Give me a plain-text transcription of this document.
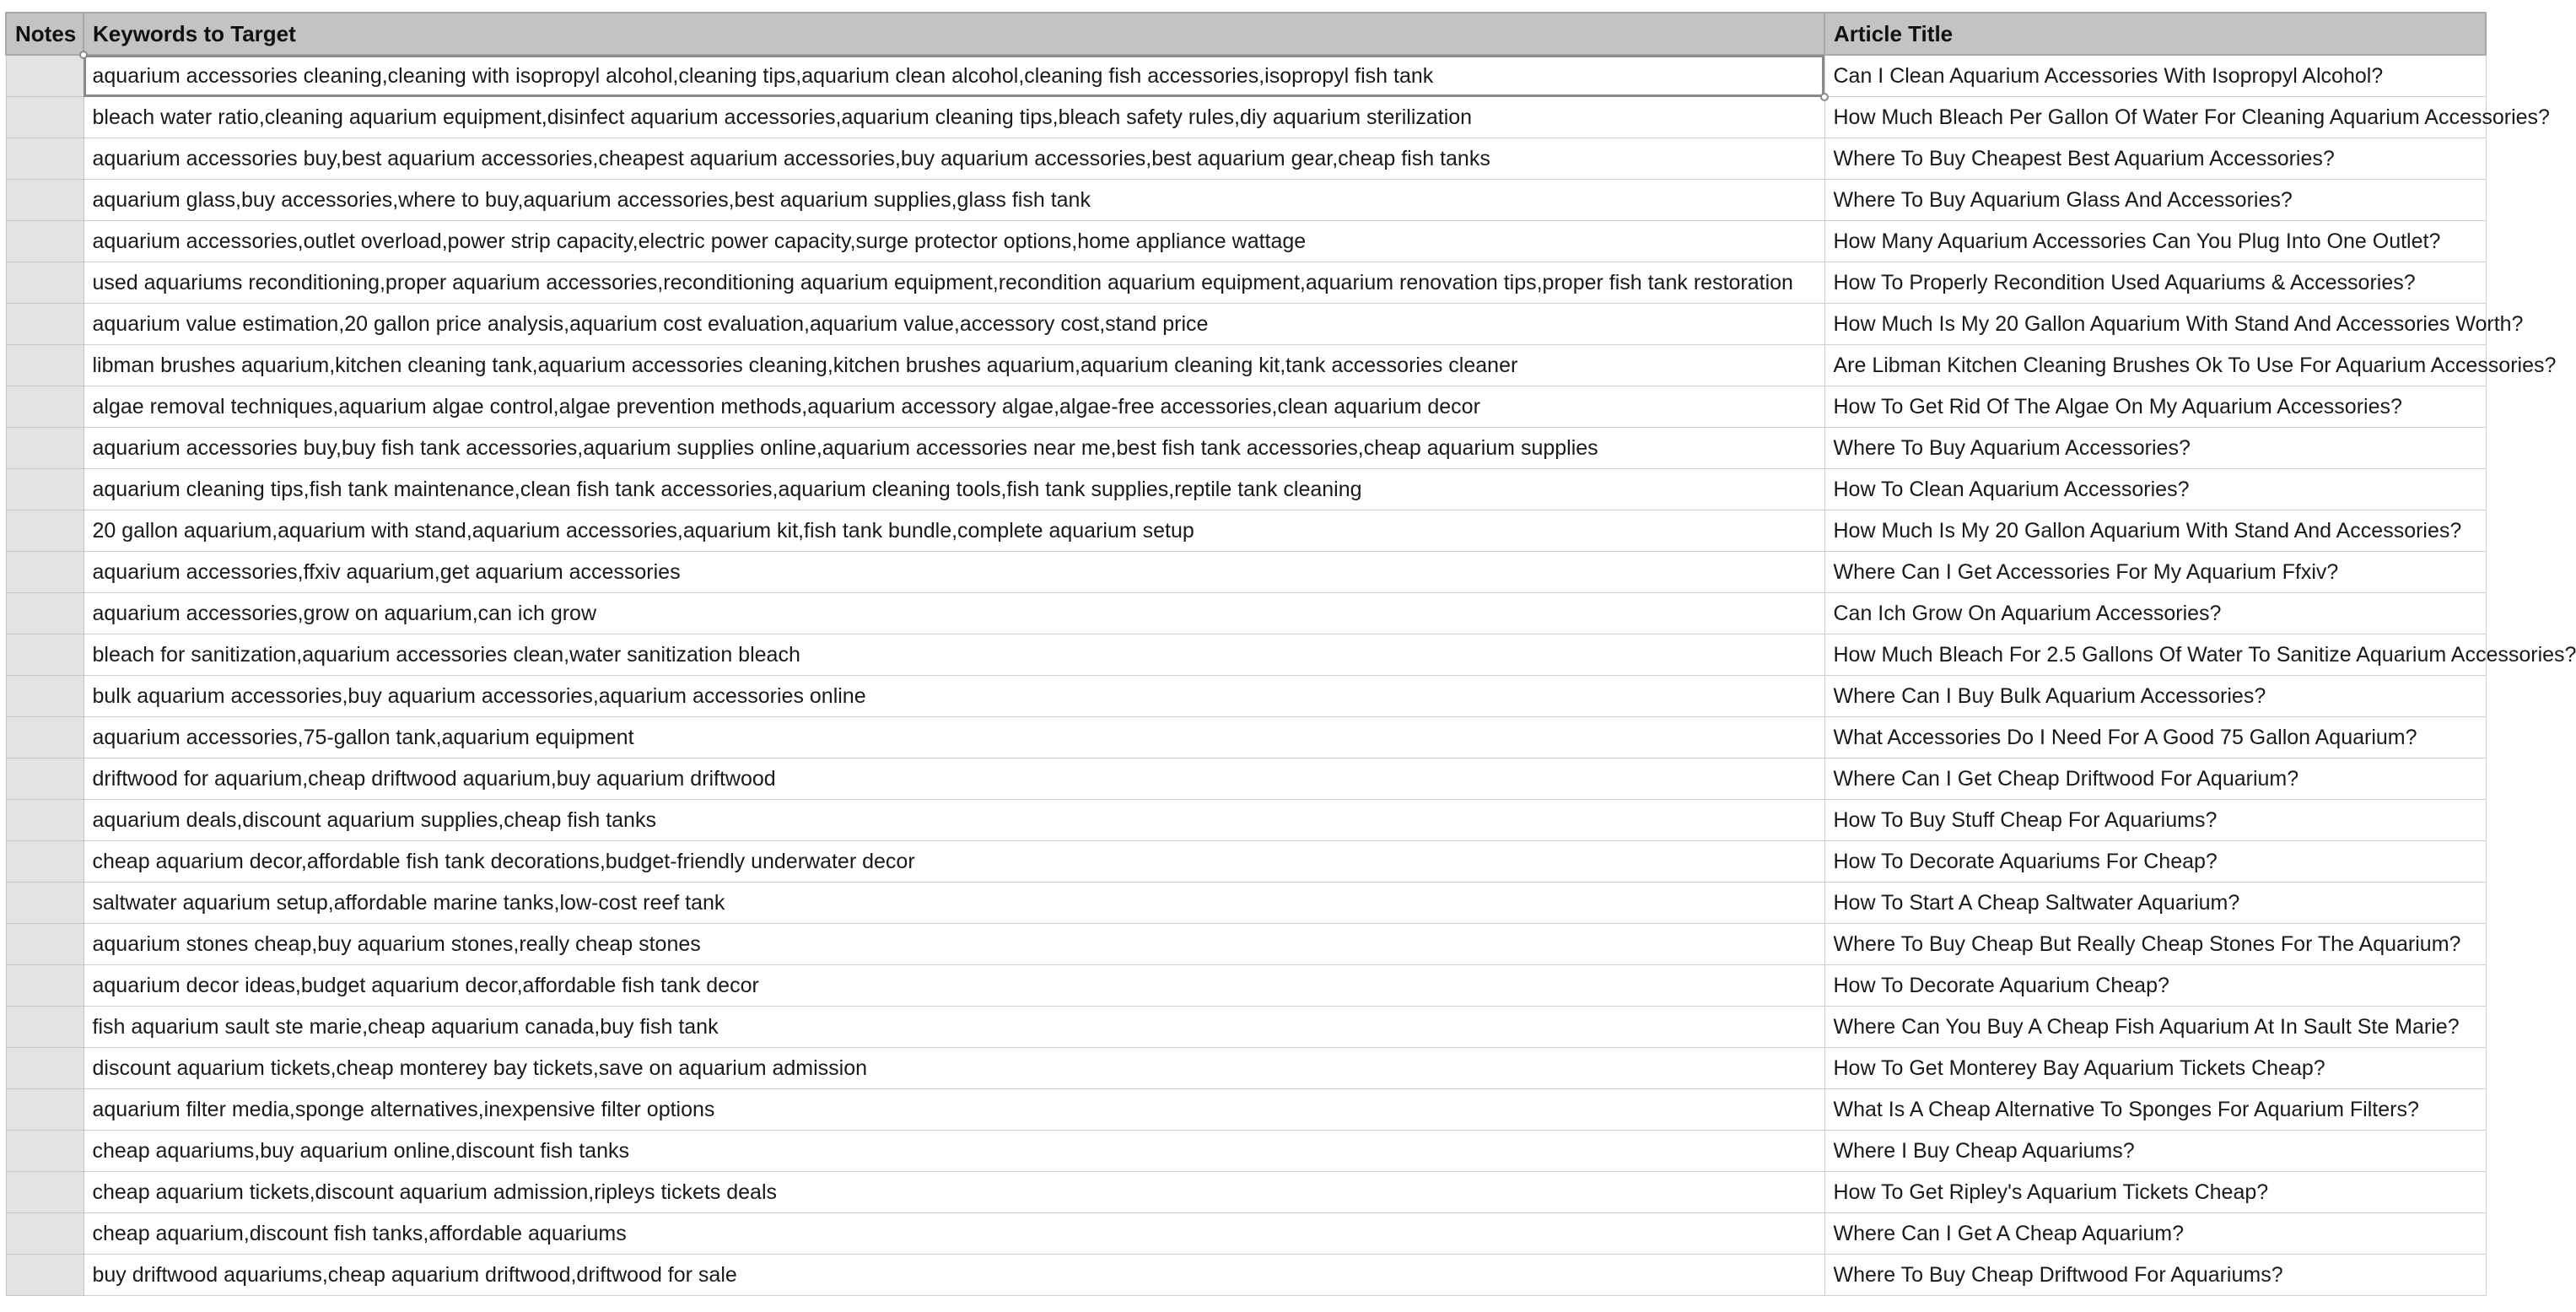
Notes	Keywords to Target	Article Title
	aquarium accessories cleaning,cleaning with isopropyl alcohol,cleaning tips,aquarium clean alcohol,cleaning fish accessories,isopropyl fish tank	Can I Clean Aquarium Accessories With Isopropyl Alcohol?
	bleach water ratio,cleaning aquarium equipment,disinfect aquarium accessories,aquarium cleaning tips,bleach safety rules,diy aquarium sterilization	How Much Bleach Per Gallon Of Water For Cleaning Aquarium Accessories?
	aquarium accessories buy,best aquarium accessories,cheapest aquarium accessories,buy aquarium accessories,best aquarium gear,cheap fish tanks	Where To Buy Cheapest Best Aquarium Accessories?
	aquarium glass,buy accessories,where to buy,aquarium accessories,best aquarium supplies,glass fish tank	Where To Buy Aquarium Glass And Accessories?
	aquarium accessories,outlet overload,power strip capacity,electric power capacity,surge protector options,home appliance wattage	How Many Aquarium Accessories Can You Plug Into One Outlet?
	used aquariums reconditioning,proper aquarium accessories,reconditioning aquarium equipment,recondition aquarium equipment,aquarium renovation tips,proper fish tank restoration	How To Properly Recondition Used Aquariums & Accessories?
	aquarium value estimation,20 gallon price analysis,aquarium cost evaluation,aquarium value,accessory cost,stand price	How Much Is My 20 Gallon Aquarium With Stand And Accessories Worth?
	libman brushes aquarium,kitchen cleaning tank,aquarium accessories cleaning,kitchen brushes aquarium,aquarium cleaning kit,tank accessories cleaner	Are Libman Kitchen Cleaning Brushes Ok To Use For Aquarium Accessories?
	algae removal techniques,aquarium algae control,algae prevention methods,aquarium accessory algae,algae-free accessories,clean aquarium decor	How To Get Rid Of The Algae On My Aquarium Accessories?
	aquarium accessories buy,buy fish tank accessories,aquarium supplies online,aquarium accessories near me,best fish tank accessories,cheap aquarium supplies	Where To Buy Aquarium Accessories?
	aquarium cleaning tips,fish tank maintenance,clean fish tank accessories,aquarium cleaning tools,fish tank supplies,reptile tank cleaning	How To Clean Aquarium Accessories?
	20 gallon aquarium,aquarium with stand,aquarium accessories,aquarium kit,fish tank bundle,complete aquarium setup	How Much Is My 20 Gallon Aquarium With Stand And Accessories?
	aquarium accessories,ffxiv aquarium,get aquarium accessories	Where Can I Get Accessories For My Aquarium Ffxiv?
	aquarium accessories,grow on aquarium,can ich grow	Can Ich Grow On Aquarium Accessories?
	bleach for sanitization,aquarium accessories clean,water sanitization bleach	How Much Bleach For 2.5 Gallons Of Water To Sanitize Aquarium Accessories?
	bulk aquarium accessories,buy aquarium accessories,aquarium accessories online	Where Can I Buy Bulk Aquarium Accessories?
	aquarium accessories,75-gallon tank,aquarium equipment	What Accessories Do I Need For A Good 75 Gallon Aquarium?
	driftwood for aquarium,cheap driftwood aquarium,buy aquarium driftwood	Where Can I Get Cheap Driftwood For Aquarium?
	aquarium deals,discount aquarium supplies,cheap fish tanks	How To Buy Stuff Cheap For Aquariums?
	cheap aquarium decor,affordable fish tank decorations,budget-friendly underwater decor	How To Decorate Aquariums For Cheap?
	saltwater aquarium setup,affordable marine tanks,low-cost reef tank	How To Start A Cheap Saltwater Aquarium?
	aquarium stones cheap,buy aquarium stones,really cheap stones	Where To Buy Cheap But Really Cheap Stones For The Aquarium?
	aquarium decor ideas,budget aquarium decor,affordable fish tank decor	How To Decorate Aquarium Cheap?
	fish aquarium sault ste marie,cheap aquarium canada,buy fish tank	Where Can You Buy A Cheap Fish Aquarium At In Sault Ste Marie?
	discount aquarium tickets,cheap monterey bay tickets,save on aquarium admission	How To Get Monterey Bay Aquarium Tickets Cheap?
	aquarium filter media,sponge alternatives,inexpensive filter options	What Is A Cheap Alternative To Sponges For Aquarium Filters?
	cheap aquariums,buy aquarium online,discount fish tanks	Where I Buy Cheap Aquariums?
	cheap aquarium tickets,discount aquarium admission,ripleys tickets deals	How To Get Ripley's Aquarium Tickets Cheap?
	cheap aquarium,discount fish tanks,affordable aquariums	Where Can I Get A Cheap Aquarium?
	buy driftwood aquariums,cheap aquarium driftwood,driftwood for sale	Where To Buy Cheap Driftwood For Aquariums?
